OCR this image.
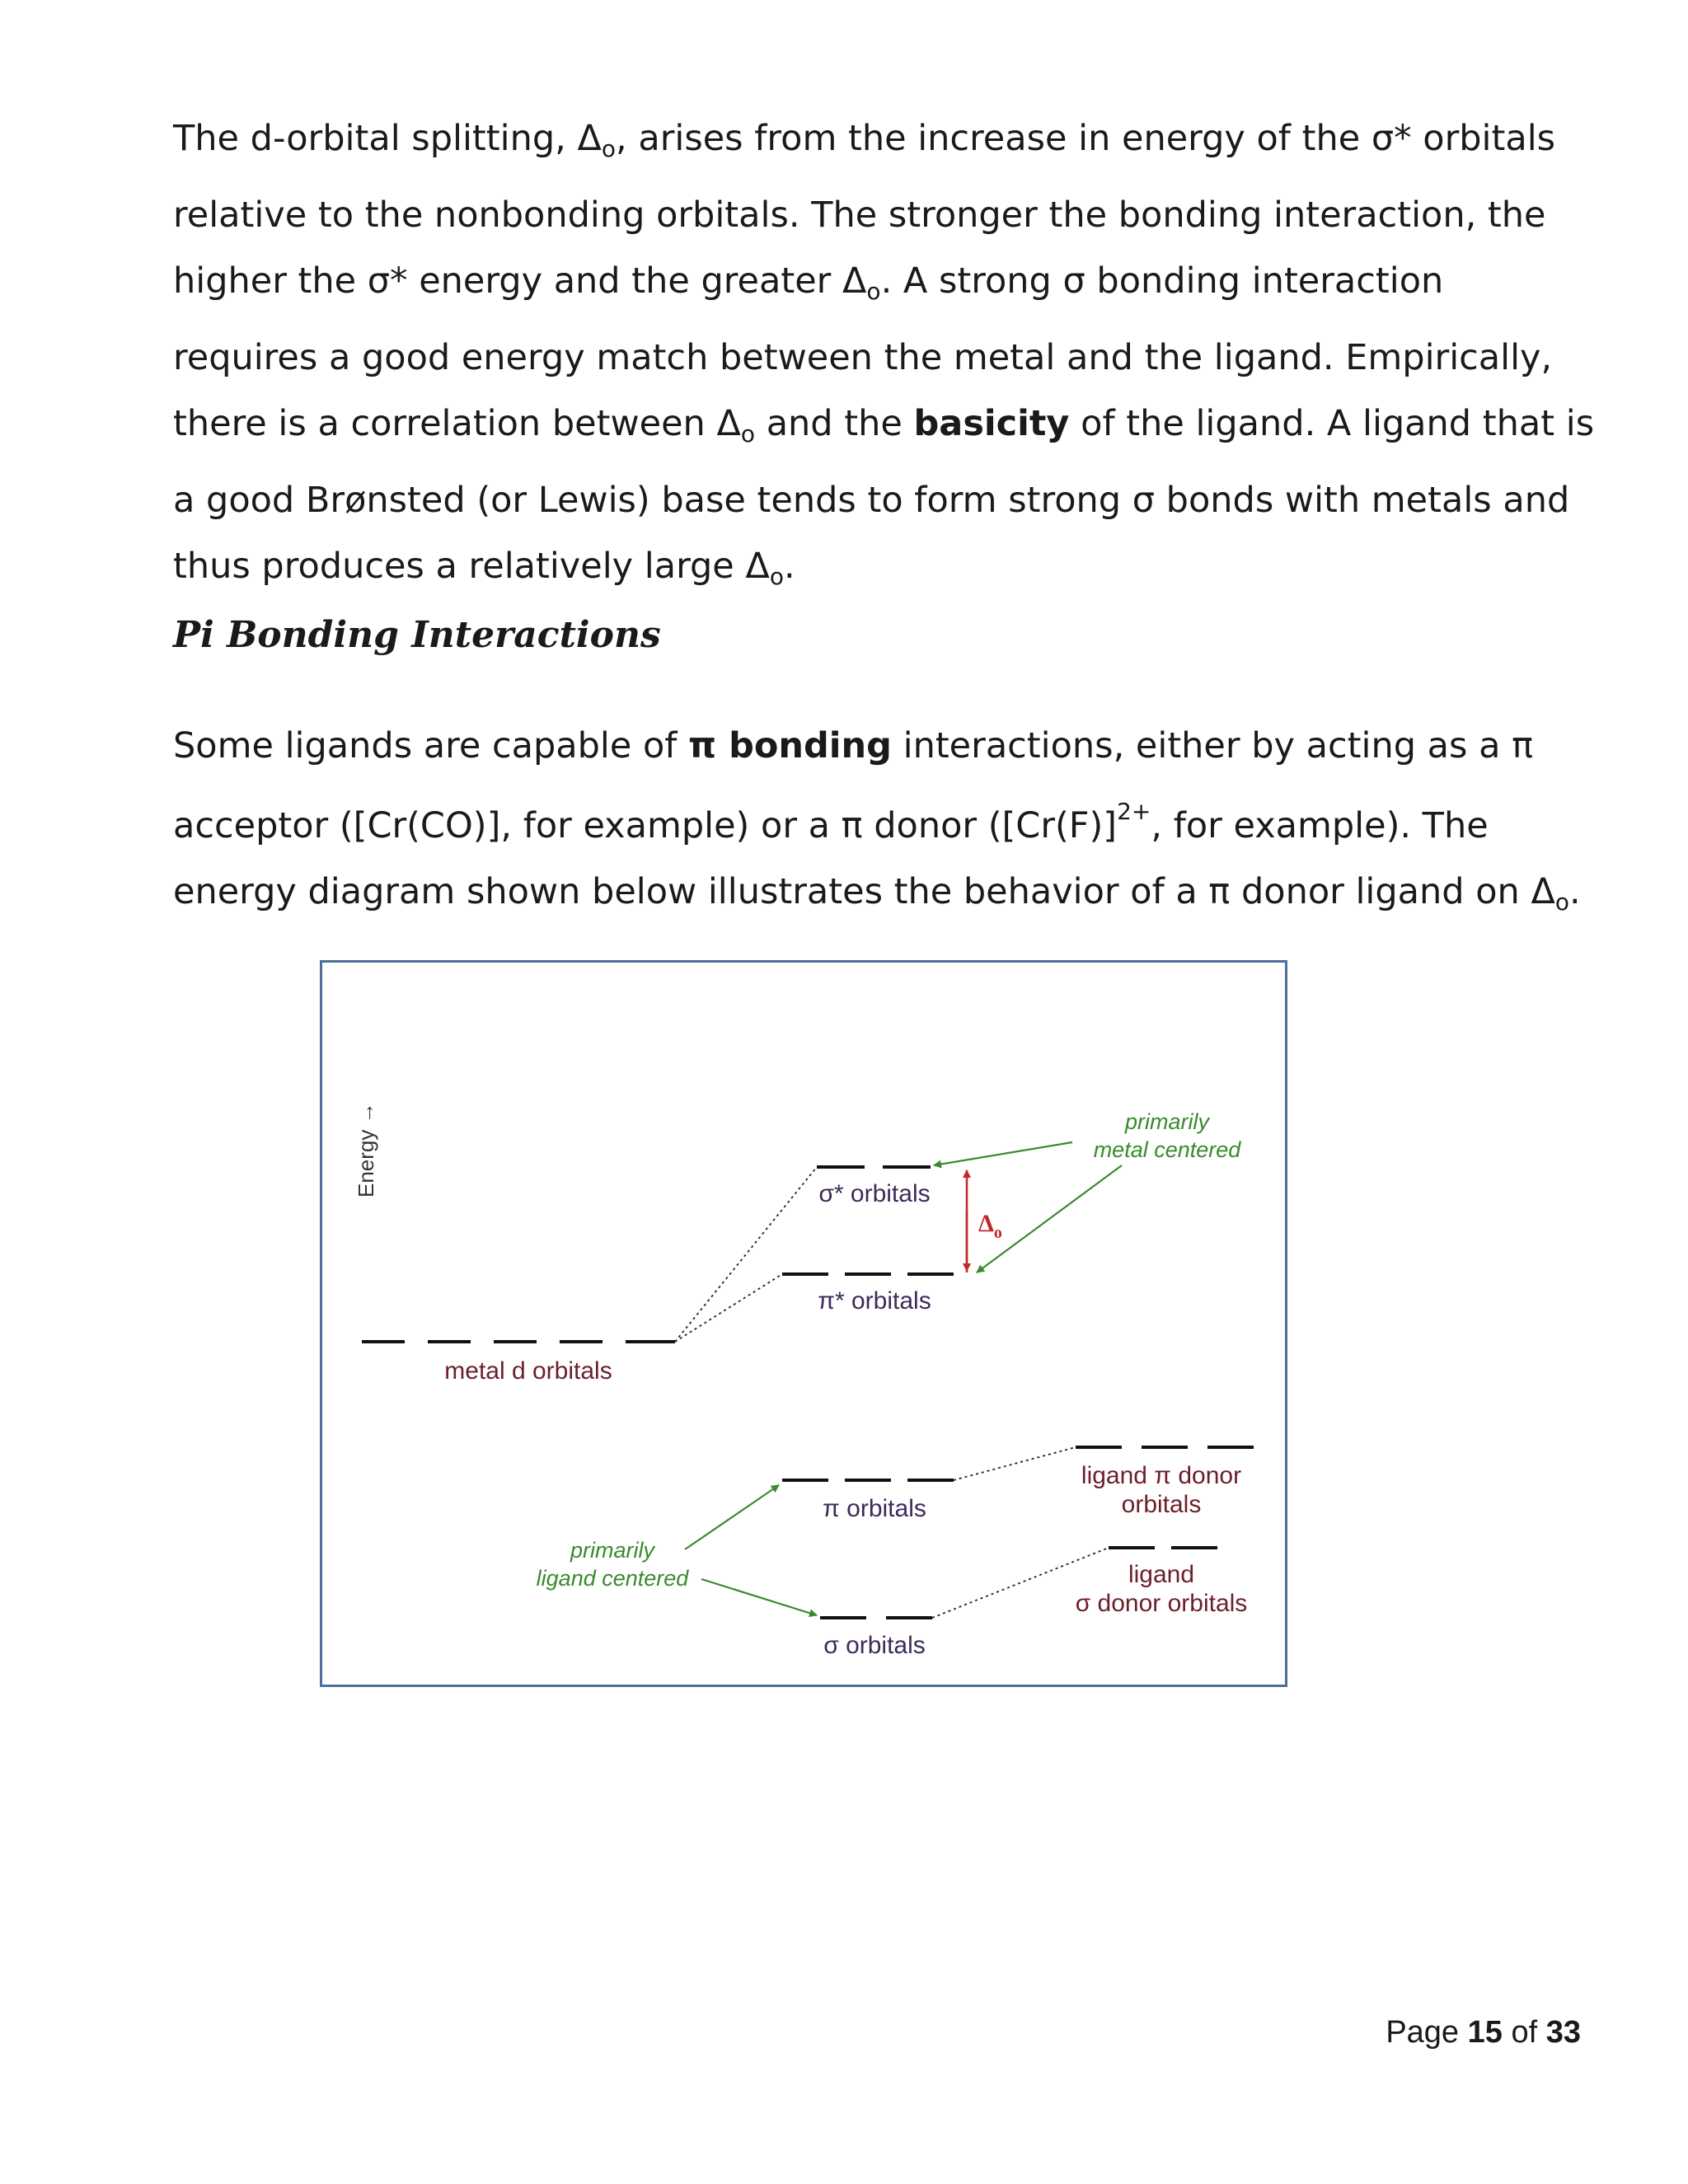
The d-orbital splitting, $\Delta_o$, arises from the increase in energy of the σ* orbitals relative to the nonbonding orbitals. The stronger the bonding interaction, the higher the σ* energy and the greater $\Delta_o$. A strong σ bonding interaction requires a good energy match between the metal and the ligand. Empirically, there is a correlation between $\Delta_o$ and the basicity of the ligand. A ligand that is a good Brønsted (or Lewis) base tends to form strong σ bonds with metals and thus produces a relatively large $\Delta_o$.

Pi Bonding Interactions

Some ligands are capable of π bonding interactions, either by acting as a π acceptor ([Cr(CO)], for example) or a π donor ($[Cr(F)]^{2+}$, for example). The energy diagram shown below illustrates the behavior of a π donor ligand on $\Delta_o$.

Energy →
metal d orbitals
σ* orbitals
π* orbitals
$\Delta_o$
primarily
metal centered
ligand π donor
orbitals
π orbitals
ligand
σ donor orbitals
σ orbitals
primarily
ligand centered
Page 15 of 33
